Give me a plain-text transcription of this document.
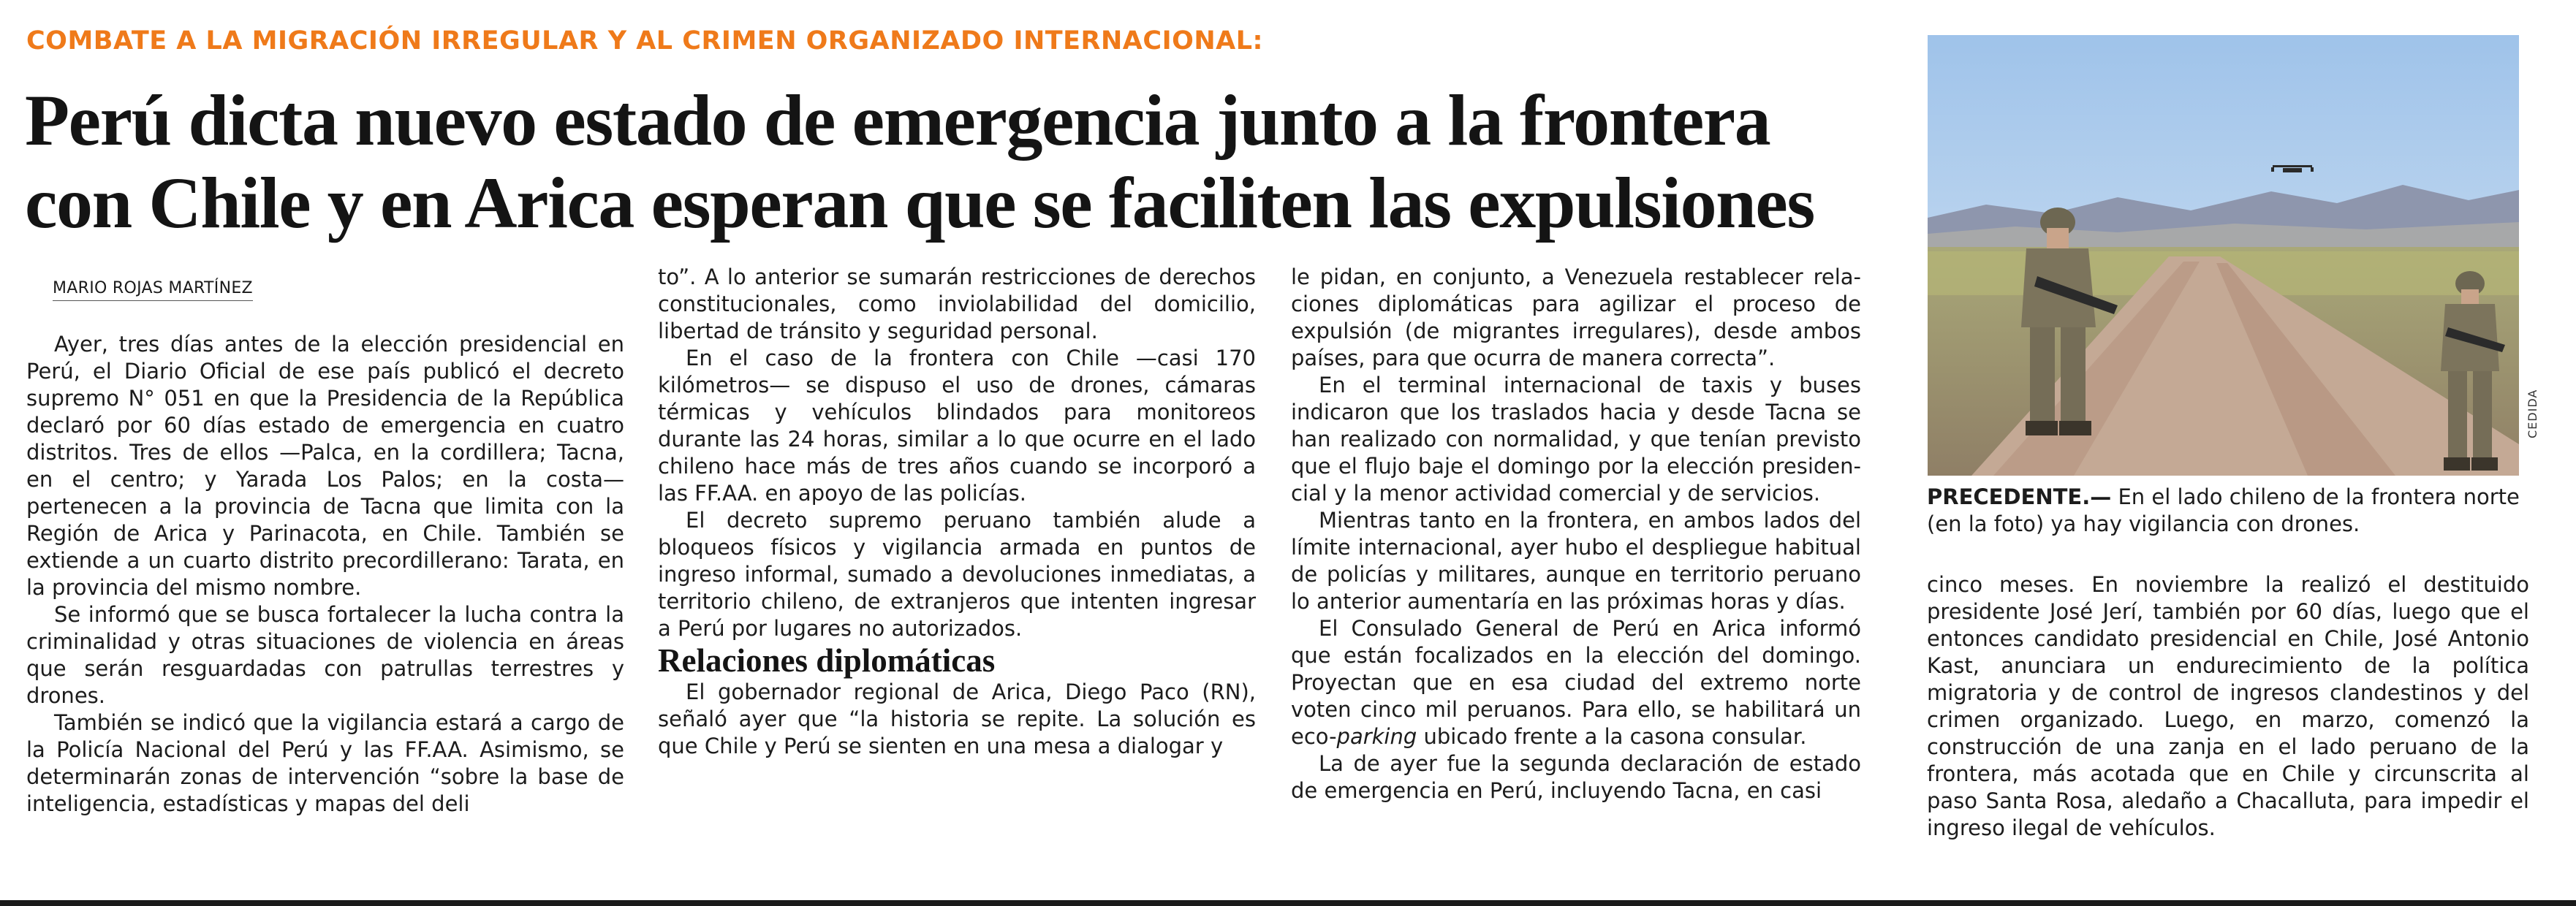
COMBATE A LA MIGRACIÓN IRREGULAR Y AL CRIMEN ORGANIZADO INTERNACIONAL:
Perú dicta nuevo estado de emergencia junto a la frontera
con Chile y en Arica esperan que se faciliten las expulsiones
MARIO ROJAS MARTÍNEZ

Ayer, tres días antes de la elección presidencial en Perú, el Diario Oficial de ese país publicó el decreto supremo N° 051 en que la Presidencia de la República declaró por 60 días estado de emergencia en cuatro distritos. Tres de ellos —Palca, en la cordillera; Tacna, en el centro; y Yarada Los Palos; en la costa— pertenecen a la provincia de Tacna que limita con la Región de Arica y Parinacota, en Chile. También se extiende a un cuarto distrito precordillerano: Tarata, en la provincia del mismo nombre.

Se informó que se busca fortalecer la lucha contra la criminalidad y otras situaciones de violencia en áreas que serán resguardadas con patrullas terrestres y drones.

También se indicó que la vigilancia estará a cargo de la Policía Nacional del Perú y las FF.AA. Asimismo, se determinarán zonas de intervención “sobre la base de inteligencia, estadísticas y mapas del deli

to”. A lo anterior se sumarán restricciones de derechos constitucionales, como inviolabilidad del domicilio, libertad de tránsito y seguridad personal.

En el caso de la frontera con Chile —casi 170 kilómetros— se dispuso el uso de drones, cámaras térmicas y vehículos blindados para monitoreos durante las 24 horas, similar a lo que ocurre en el lado chileno hace más de tres años cuando se incorporó a las FF.AA. en apoyo de las policías.

El decreto supremo peruano también alude a bloqueos físicos y vigilancia armada en puntos de ingreso informal, sumado a devoluciones inmediatas, a territorio chileno, de extranjeros que intenten ingresar a Perú por lugares no autorizados.

Relaciones diplomáticas

El gobernador regional de Arica, Diego Paco (RN), señaló ayer que “la historia se repite. La solución es que Chile y Perú se sienten en una mesa a dialogar y

le pidan, en conjunto, a Venezuela restablecer relaciones diplomáticas para agilizar el proceso de expulsión (de migrantes irregulares), desde ambos países, para que ocurra de manera correcta”.

En el terminal internacional de taxis y buses indicaron que los traslados hacia y desde Tacna se han realizado con normalidad, y que tenían previsto que el flujo baje el domingo por la elección presidencial y la menor actividad comercial y de servicios.

Mientras tanto en la frontera, en ambos lados del límite internacional, ayer hubo el despliegue habitual de policías y militares, aunque en territorio peruano lo anterior aumentaría en las próximas horas y días.

El Consulado General de Perú en Arica informó que están focalizados en la elección del domingo. Proyectan que en esa ciudad del extremo norte voten cinco mil peruanos. Para ello, se habilitará un eco-parking ubicado frente a la casona consular.

La de ayer fue la segunda declaración de estado de emergencia en Perú, incluyendo Tacna, en casi

CEDIDA
PRECEDENTE.— En el lado chileno de la frontera norte (en la foto) ya hay vigilancia con drones.

cinco meses. En noviembre la realizó el destituido presidente José Jerí, también por 60 días, luego que el entonces candidato presidencial en Chile, José Antonio Kast, anunciara un endurecimiento de la política migratoria y de control de ingresos clandestinos y del crimen organizado. Luego, en marzo, comenzó la construcción de una zanja en el lado peruano de la frontera, más acotada que en Chile y circunscrita al paso Santa Rosa, aledaño a Chacalluta, para impedir el ingreso ilegal de vehículos.
